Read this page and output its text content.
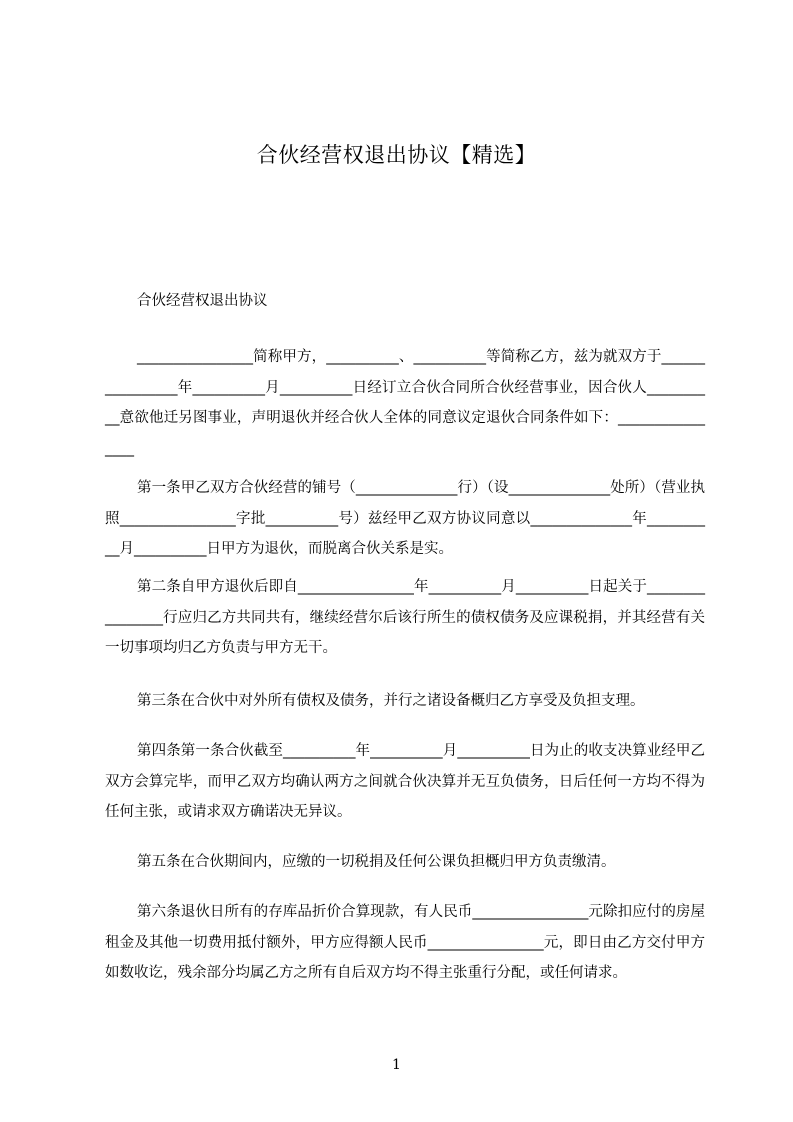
合伙经营权退出协议【精选】
合伙经营权退出协议
________________简称甲方，__________、__________等简称乙方，兹为就双方于________________年__________月__________日经订立合伙合同所合伙经营事业，因合伙人__________意欲他迁另图事业，声明退伙并经合伙人全体的同意议定退伙合同条件如下：________________
第一条甲乙双方合伙经营的铺号（______________行）（设______________处所）（营业执照________________字批__________号）兹经甲乙双方协议同意以______________年__________月__________日甲方为退伙，而脱离合伙关系是实。
第二条自甲方退伙后即自________________年__________月__________日起关于________________行应归乙方共同共有，继续经营尔后该行所生的债权债务及应课税捐，并其经营有关一切事项均归乙方负责与甲方无干。
第三条在合伙中对外所有债权及债务，并行之诸设备概归乙方享受及负担支理。
第四条第一条合伙截至__________年__________月__________日为止的收支决算业经甲乙双方会算完毕，而甲乙双方均确认两方之间就合伙决算并无互负债务，日后任何一方均不得为任何主张，或请求双方确诺决无异议。
第五条在合伙期间内，应缴的一切税捐及任何公课负担概归甲方负责缴清。
第六条退伙日所有的存库品折价合算现款，有人民币________________元除扣应付的房屋租金及其他一切费用抵付额外，甲方应得额人民币________________元，即日由乙方交付甲方如数收讫，残余部分均属乙方之所有自后双方均不得主张重行分配，或任何请求。
1
